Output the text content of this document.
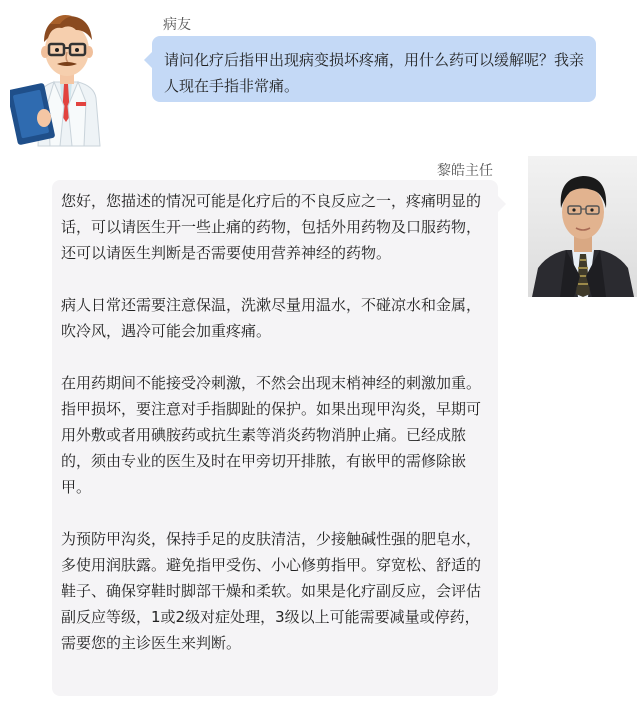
病友
请问化疗后指甲出现病变损坏疼痛，用什么药可以缓解呢？我亲人现在手指非常痛。
黎皓主任

您好，您描述的情况可能是化疗后的不良反应之一，疼痛明显的话，可以请医生开一些止痛的药物，包括外用药物及口服药物，还可以请医生判断是否需要使用营养神经的药物。

病人日常还需要注意保温，洗漱尽量用温水，不碰凉水和金属，吹冷风，遇冷可能会加重疼痛。

在用药期间不能接受冷刺激，不然会出现末梢神经的刺激加重。指甲损坏，要注意对手指脚趾的保护。如果出现甲沟炎，早期可用外敷或者用碘胺药或抗生素等消炎药物消肿止痛。已经成脓的，须由专业的医生及时在甲旁切开排脓，有嵌甲的需修除嵌甲。

为预防甲沟炎，保持手足的皮肤清洁，少接触碱性强的肥皂水，多使用润肤露。避免指甲受伤、小心修剪指甲。穿宽松、舒适的鞋子、确保穿鞋时脚部干燥和柔软。如果是化疗副反应，会评估副反应等级，1或2级对症处理，3级以上可能需要减量或停药，需要您的主诊医生来判断。
